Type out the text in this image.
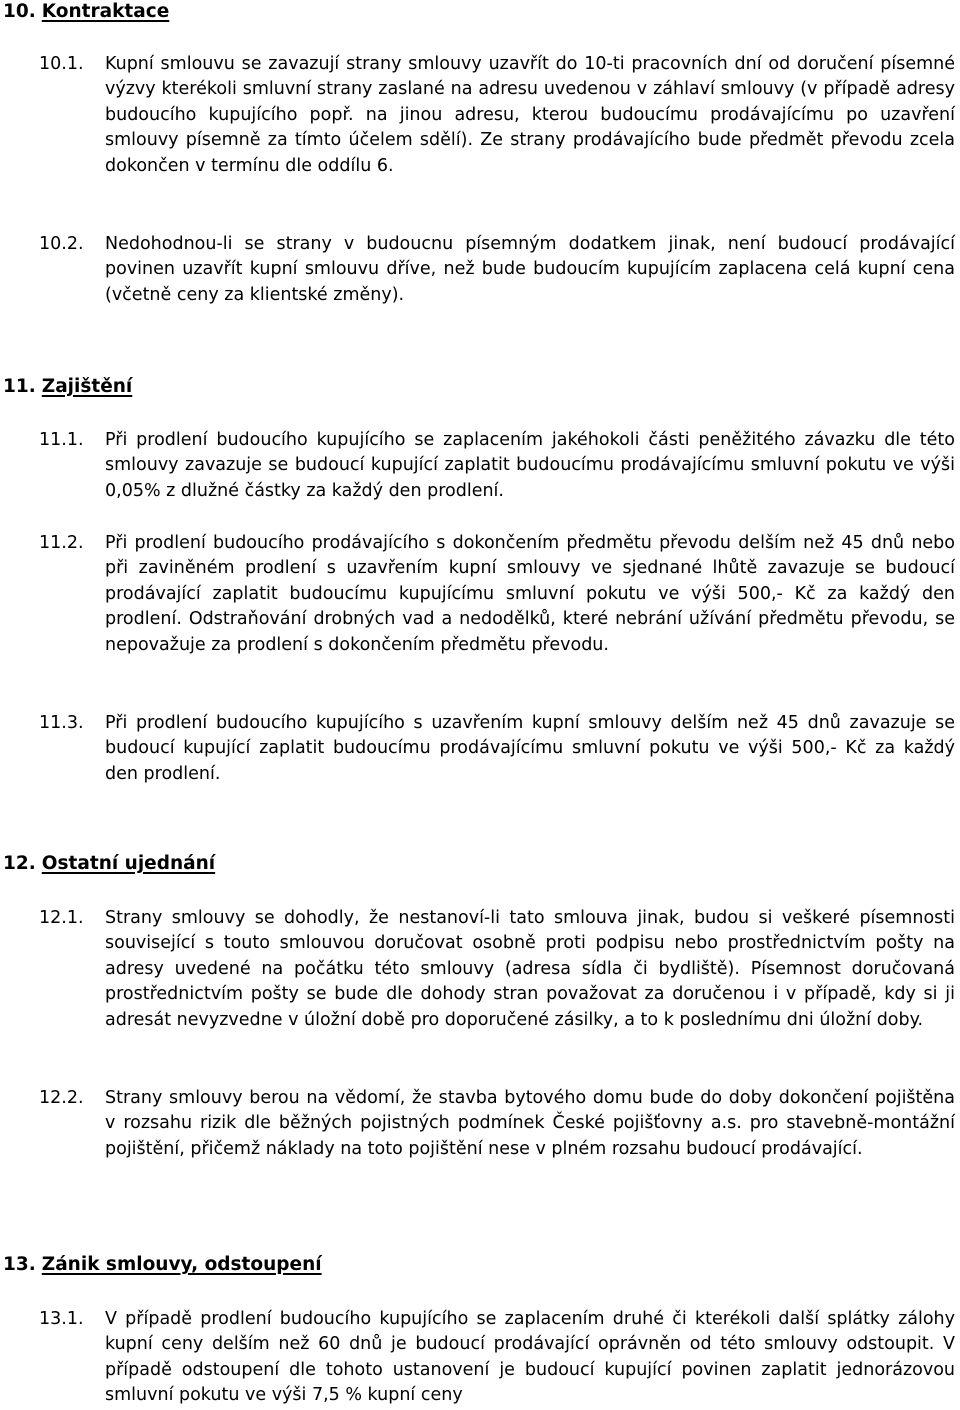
10. Kontraktace
10.1. Kupní smlouvu se zavazují strany smlouvy uzavřít do 10-ti pracovních dní od doručení písemné výzvy kterékoli smluvní strany zaslané na adresu uvedenou v záhlaví smlouvy (v případě adresy budoucího kupujícího popř. na jinou adresu, kterou budoucímu prodávajícímu po uzavření smlouvy písemně za tímto účelem sdělí). Ze strany prodávajícího bude předmět převodu zcela dokončen v termínu dle oddílu 6.
10.2. Nedohodnou-li se strany v budoucnu písemným dodatkem jinak, není budoucí prodávající povinen uzavřít kupní smlouvu dříve, než bude budoucím kupujícím zaplacena celá kupní cena (včetně ceny za klientské změny).
11. Zajištění
11.1. Při prodlení budoucího kupujícího se zaplacením jakéhokoli části peněžitého závazku dle této smlouvy zavazuje se budoucí kupující zaplatit budoucímu prodávajícímu smluvní pokutu ve výši 0,05% z dlužné částky za každý den prodlení.
11.2. Při prodlení budoucího prodávajícího s dokončením předmětu převodu delším než 45 dnů nebo při zaviněném prodlení s uzavřením kupní smlouvy ve sjednané lhůtě zavazuje se budoucí prodávající zaplatit budoucímu kupujícímu smluvní pokutu ve výši 500,- Kč za každý den prodlení. Odstraňování drobných vad a nedodělků, které nebrání užívání předmětu převodu, se nepovažuje za prodlení s dokončením předmětu převodu.
11.3. Při prodlení budoucího kupujícího s uzavřením kupní smlouvy delším než 45 dnů zavazuje se budoucí kupující zaplatit budoucímu prodávajícímu smluvní pokutu ve výši 500,- Kč za každý den prodlení.
12. Ostatní ujednání
12.1. Strany smlouvy se dohodly, že nestanoví-li tato smlouva jinak, budou si veškeré písemnosti související s touto smlouvou doručovat osobně proti podpisu nebo prostřednictvím pošty na adresy uvedené na počátku této smlouvy (adresa sídla či bydliště). Písemnost doručovaná prostřednictvím pošty se bude dle dohody stran považovat za doručenou i v případě, kdy si ji adresát nevyzvedne v úložní době pro doporučené zásilky, a to k poslednímu dni úložní doby.
12.2. Strany smlouvy berou na vědomí, že stavba bytového domu bude do doby dokončení pojištěna v rozsahu rizik dle běžných pojistných podmínek České pojišťovny a.s. pro stavebně-montážní pojištění, přičemž náklady na toto pojištění nese v plném rozsahu budoucí prodávající.
13. Zánik smlouvy, odstoupení
13.1. V případě prodlení budoucího kupujícího se zaplacením druhé či kterékoli další splátky zálohy kupní ceny delším než 60 dnů je budoucí prodávající oprávněn od této smlouvy odstoupit. V případě odstoupení dle tohoto ustanovení je budoucí kupující povinen zaplatit jednorázovou smluvní pokutu ve výši 7,5 % kupní ceny
